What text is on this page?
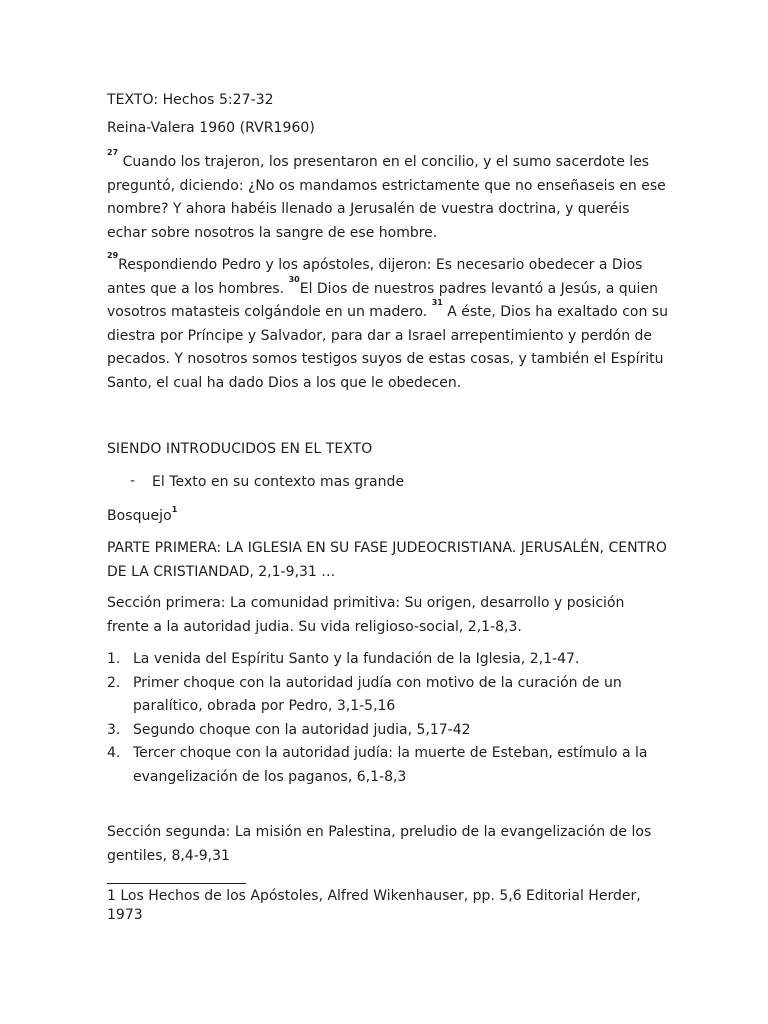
TEXTO: Hechos 5:27-32
Reina-Valera 1960 (RVR1960)

$^{27}$ Cuando los trajeron, los presentaron en el concilio, y el sumo sacerdote les

preguntó, diciendo: ¿No os mandamos estrictamente que no enseñaseis en ese

nombre? Y ahora habéis llenado a Jerusalén de vuestra doctrina, y queréis

echar sobre nosotros la sangre de ese hombre.

$^{29}$Respondiendo Pedro y los apóstoles, dijeron: Es necesario obedecer a Dios

antes que a los hombres. $^{30}$El Dios de nuestros padres levantó a Jesús, a quien

vosotros matasteis colgándole en un madero. $^{31}$ A éste, Dios ha exaltado con su

diestra por Príncipe y Salvador, para dar a Israel arrepentimiento y perdón de

pecados. Y nosotros somos testigos suyos de estas cosas, y también el Espíritu

Santo, el cual ha dado Dios a los que le obedecen.

SIENDO INTRODUCIDOS EN EL TEXTO
- El Texto en su contexto mas grande
Bosquejo$^1$

PARTE PRIMERA: LA IGLESIA EN SU FASE JUDEOCRISTIANA. JERUSALÉN, CENTRO

DE LA CRISTIANDAD, 2,1-9,31 …

Sección primera: La comunidad primitiva: Su origen, desarrollo y posición

frente a la autoridad judia. Su vida religioso-social, 2,1-8,3.

1. La venida del Espíritu Santo y la fundación de la Iglesia, 2,1-47.

2. Primer choque con la autoridad judía con motivo de la curación de un

paralítico, obrada por Pedro, 3,1-5,16

3. Segundo choque con la autoridad judia, 5,17-42

4. Tercer choque con la autoridad judía: la muerte de Esteban, estímulo a la

evangelización de los paganos, 6,1-8,3

Sección segunda: La misión en Palestina, preludio de la evangelización de los

gentiles, 8,4-9,31

1 Los Hechos de los Apóstoles, Alfred Wikenhauser, pp. 5,6 Editorial Herder,

1973
